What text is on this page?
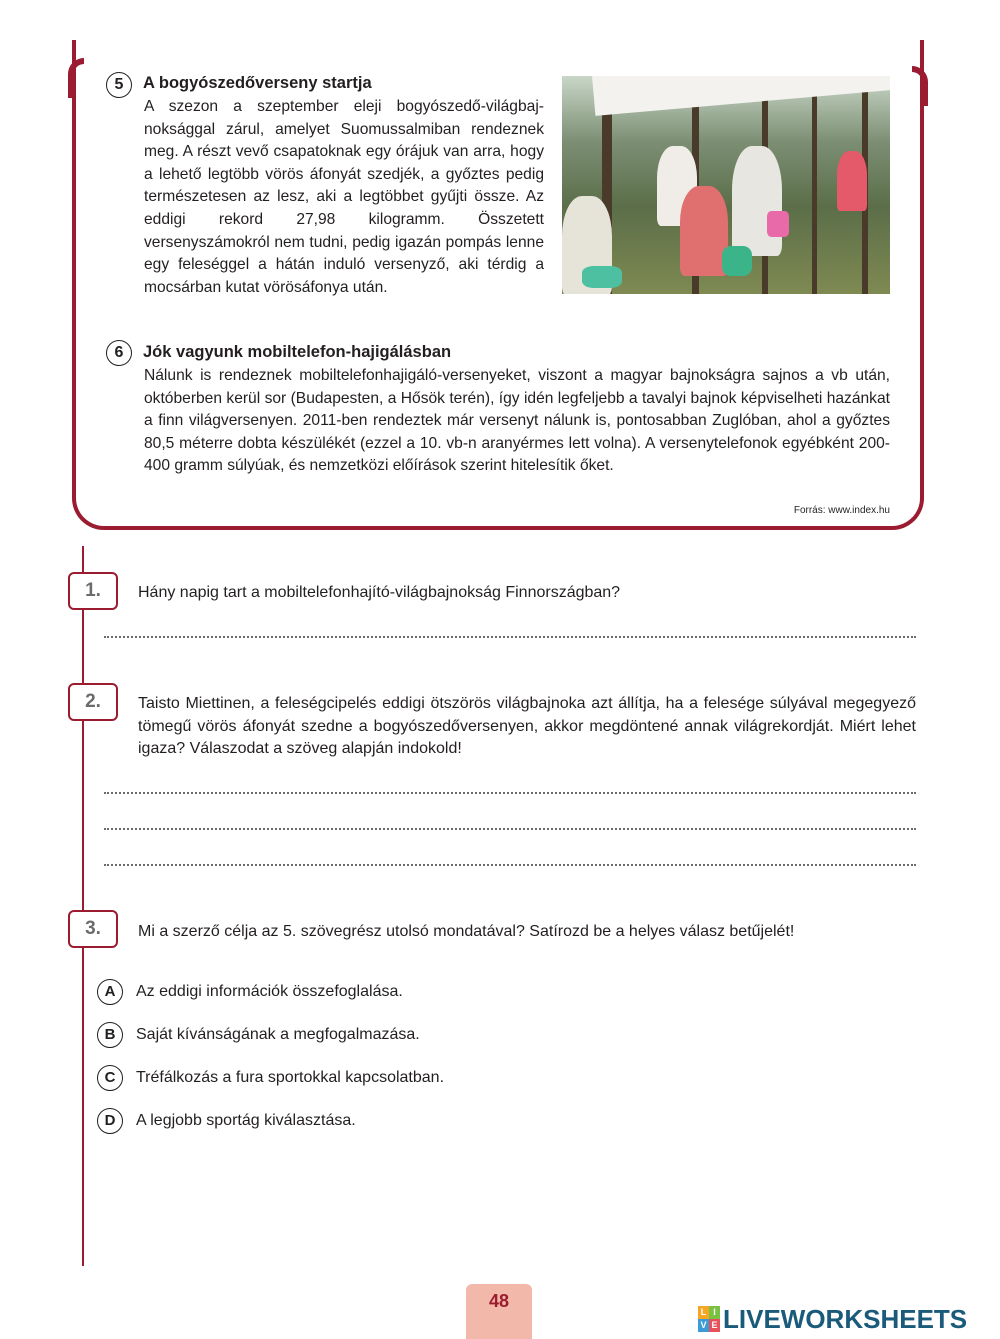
5	A bogyószedőverseny startja

A szezon a szeptember eleji bogyószedő-világbajnoksággal zárul, amelyet Suomussalmiban rendeznek meg. A részt vevő csapatoknak egy órájuk van arra, hogy a lehető legtöbb vörös áfonyát szedjék, a győztes pedig természetesen az lesz, aki a legtöbbet gyűjti össze. Az eddigi rekord 27,98 kilogramm. Összetett versenyszámokról nem tudni, pedig igazán pompás lenne egy feleséggel a hátán induló versenyző, aki térdig a mocsárban kutat vörösáfonya után.

6	Jók vagyunk mobiltelefon-hajigálásban

Nálunk is rendeznek mobiltelefonhajigáló-versenyeket, viszont a magyar bajnokságra sajnos a vb után, októberben kerül sor (Budapesten, a Hősök terén), így idén legfeljebb a tavalyi bajnok képviselheti hazánkat a finn világversenyen. 2011-ben rendeztek már versenyt nálunk is, pontosabban Zuglóban, ahol a győztes 80,5 méterre dobta készülékét (ezzel a 10. vb-n aranyérmes lett volna). A versenytelefonok egyébként 200-400 gramm súlyúak, és nemzetközi előírások szerint hitelesítik őket.

Forrás: www.index.hu
1.	Hány napig tart a mobiltelefonhajító-világbajnokság Finnországban?

2.	Taisto Miettinen, a feleségcipelés eddigi ötszörös világbajnoka azt állítja, ha a felesége súlyával megegyező tömegű vörös áfonyát szedne a bogyószedőversenyen, akkor megdöntené annak világrekordját. Miért lehet igaza? Válaszodat a szöveg alapján indokold!

3.	Mi a szerző célja az 5. szövegrész utolsó mondatával? Satírozd be a helyes válasz betűjelét!

A	Az eddigi információk összefoglalása.
B	Saját kívánságának a megfogalmazása.
C	Tréfálkozás a fura sportokkal kapcsolatban.
D	A legjobb sportág kiválasztása.
48
L I
V E LIVEWORKSHEETS
